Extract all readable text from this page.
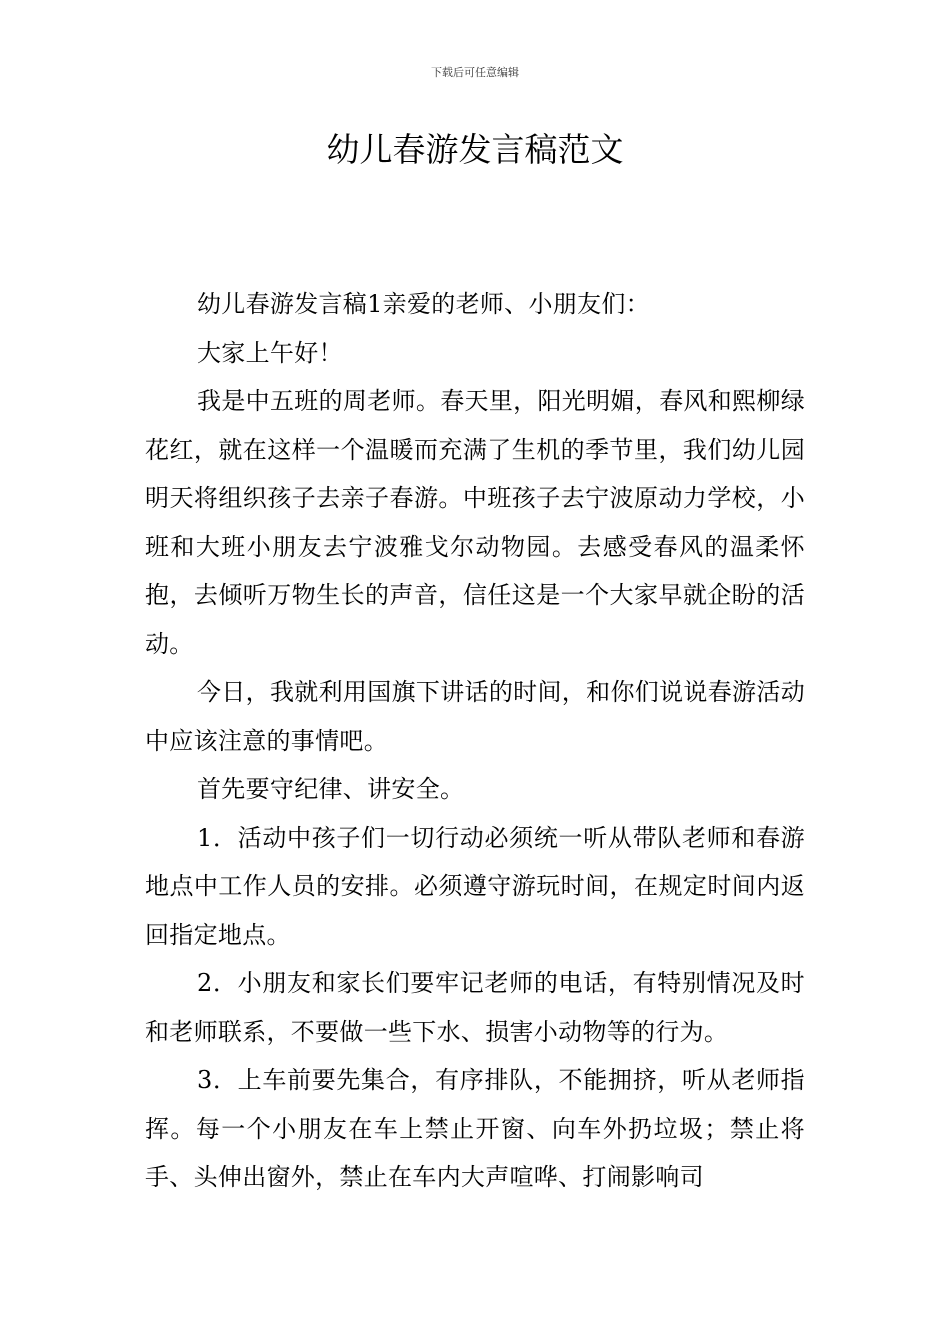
下载后可任意编辑
幼儿春游发言稿范文

幼儿春游发言稿1亲爱的老师、小朋友们：

大家上午好！

我是中五班的周老师。春天里，阳光明媚，春风和熙柳绿花红，就在这样一个温暖而充满了生机的季节里，我们幼儿园明天将组织孩子去亲子春游。中班孩子去宁波原动力学校，小班和大班小朋友去宁波雅戈尔动物园。去感受春风的温柔怀抱，去倾听万物生长的声音，信任这是一个大家早就企盼的活动。

今日，我就利用国旗下讲话的时间，和你们说说春游活动中应该注意的事情吧。

首先要守纪律、讲安全。

1．活动中孩子们一切行动必须统一听从带队老师和春游地点中工作人员的安排。必须遵守游玩时间，在规定时间内返回指定地点。

2．小朋友和家长们要牢记老师的电话，有特别情况及时和老师联系，不要做一些下水、损害小动物等的行为。

3．上车前要先集合，有序排队，不能拥挤，听从老师指挥。每一个小朋友在车上禁止开窗、向车外扔垃圾；禁止将手、头伸出窗外，禁止在车内大声喧哗、打闹影响司
